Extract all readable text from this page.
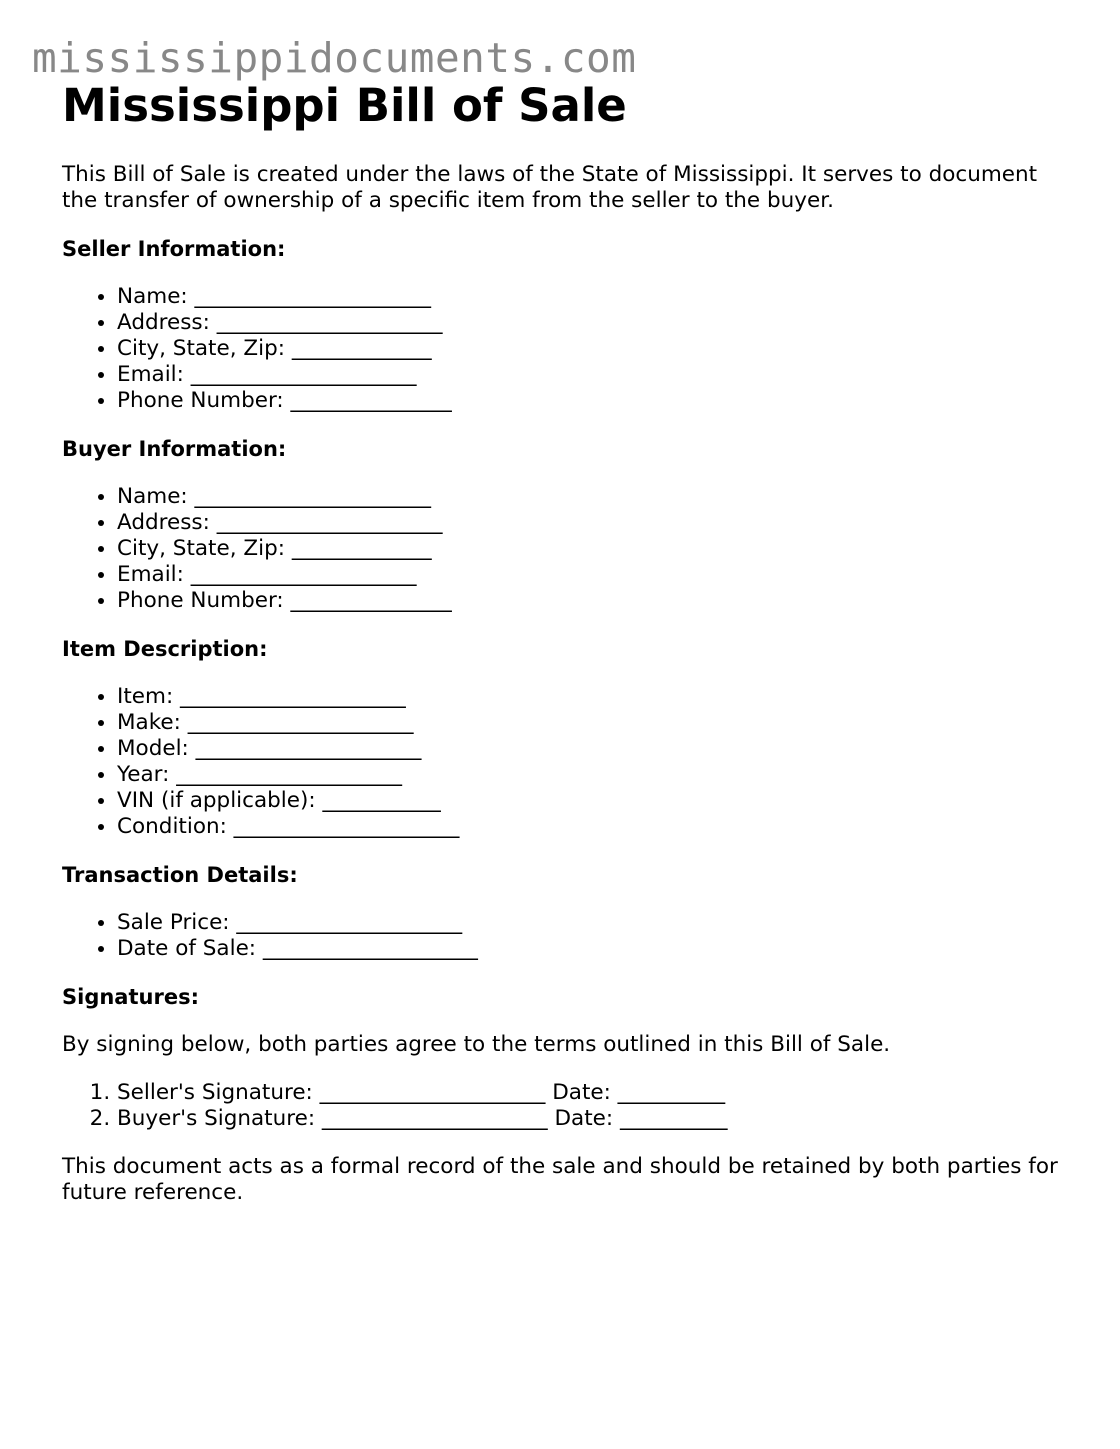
mississippidocuments.com
Mississippi Bill of Sale

This Bill of Sale is created under the laws of the State of Mississippi. It serves to document the transfer of ownership of a specific item from the seller to the buyer.

Seller Information:
• Name: ______________________
• Address: _____________________
• City, State, Zip: _____________
• Email: _____________________
• Phone Number: _______________
Buyer Information:
• Name: ______________________
• Address: _____________________
• City, State, Zip: _____________
• Email: _____________________
• Phone Number: _______________
Item Description:
• Item: _____________________
• Make: _____________________
• Model: _____________________
• Year: _____________________
• VIN (if applicable): ___________
• Condition: _____________________
Transaction Details:
• Sale Price: _____________________
• Date of Sale: ____________________
Signatures:

By signing below, both parties agree to the terms outlined in this Bill of Sale.

1. Seller's Signature: _____________________ Date: __________
2. Buyer's Signature: _____________________ Date: __________

This document acts as a formal record of the sale and should be retained by both parties for future reference.
